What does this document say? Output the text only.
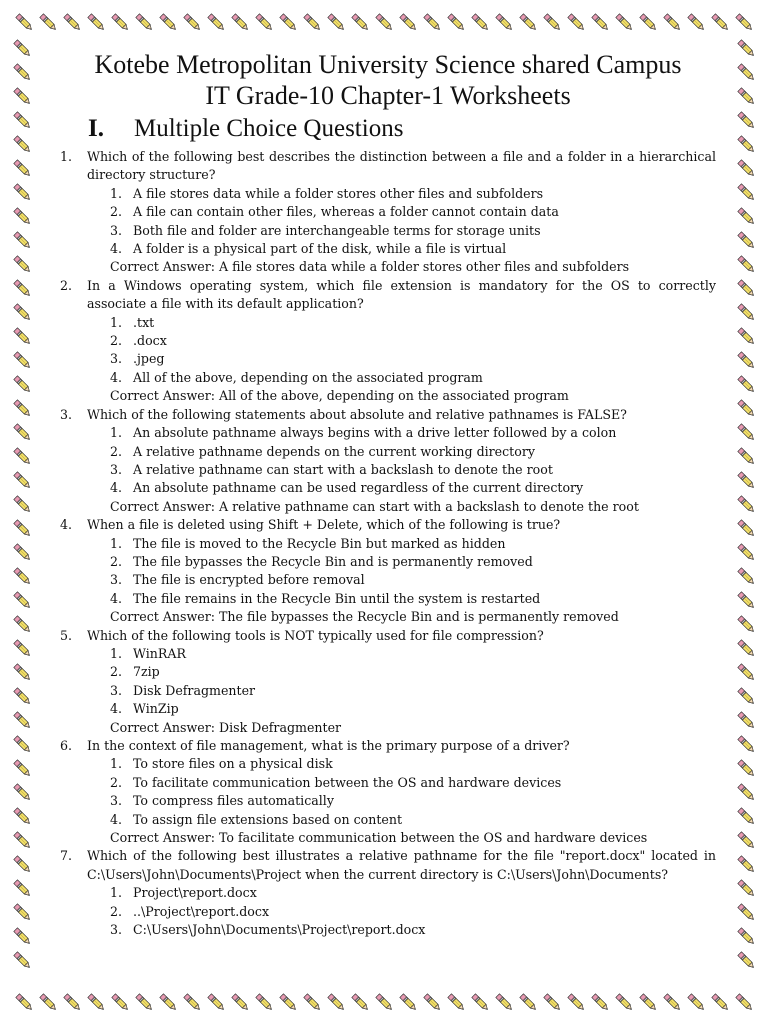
Kotebe Metropolitan University Science shared Campus

IT Grade-10 Chapter-1 Worksheets

I.	Multiple Choice Questions
1.	Which of the following best describes the distinction between a file and a folder in a hierarchical directory structure?
1. A file stores data while a folder stores other files and subfolders
2. A file can contain other files, whereas a folder cannot contain data
3. Both file and folder are interchangeable terms for storage units
4. A folder is a physical part of the disk, while a file is virtual
Correct Answer: A file stores data while a folder stores other files and subfolders
2.	In a Windows operating system, which file extension is mandatory for the OS to correctly associate a file with its default application?
1. .txt
2. .docx
3. .jpeg
4. All of the above, depending on the associated program
Correct Answer: All of the above, depending on the associated program
3.	Which of the following statements about absolute and relative pathnames is FALSE?
1. An absolute pathname always begins with a drive letter followed by a colon
2. A relative pathname depends on the current working directory
3. A relative pathname can start with a backslash to denote the root
4. An absolute pathname can be used regardless of the current directory
Correct Answer: A relative pathname can start with a backslash to denote the root
4.	When a file is deleted using Shift + Delete, which of the following is true?
1. The file is moved to the Recycle Bin but marked as hidden
2. The file bypasses the Recycle Bin and is permanently removed
3. The file is encrypted before removal
4. The file remains in the Recycle Bin until the system is restarted
Correct Answer: The file bypasses the Recycle Bin and is permanently removed
5.	Which of the following tools is NOT typically used for file compression?
1. WinRAR
2. 7zip
3. Disk Defragmenter
4. WinZip
Correct Answer: Disk Defragmenter
6.	In the context of file management, what is the primary purpose of a driver?
1. To store files on a physical disk
2. To facilitate communication between the OS and hardware devices
3. To compress files automatically
4. To assign file extensions based on content
Correct Answer: To facilitate communication between the OS and hardware devices
7.	Which of the following best illustrates a relative pathname for the file "report.docx" located in C:\Users\John\Documents\Project when the current directory is C:\Users\John\Documents?
1. Project\report.docx
2. ..\Project\report.docx
3. C:\Users\John\Documents\Project\report.docx
